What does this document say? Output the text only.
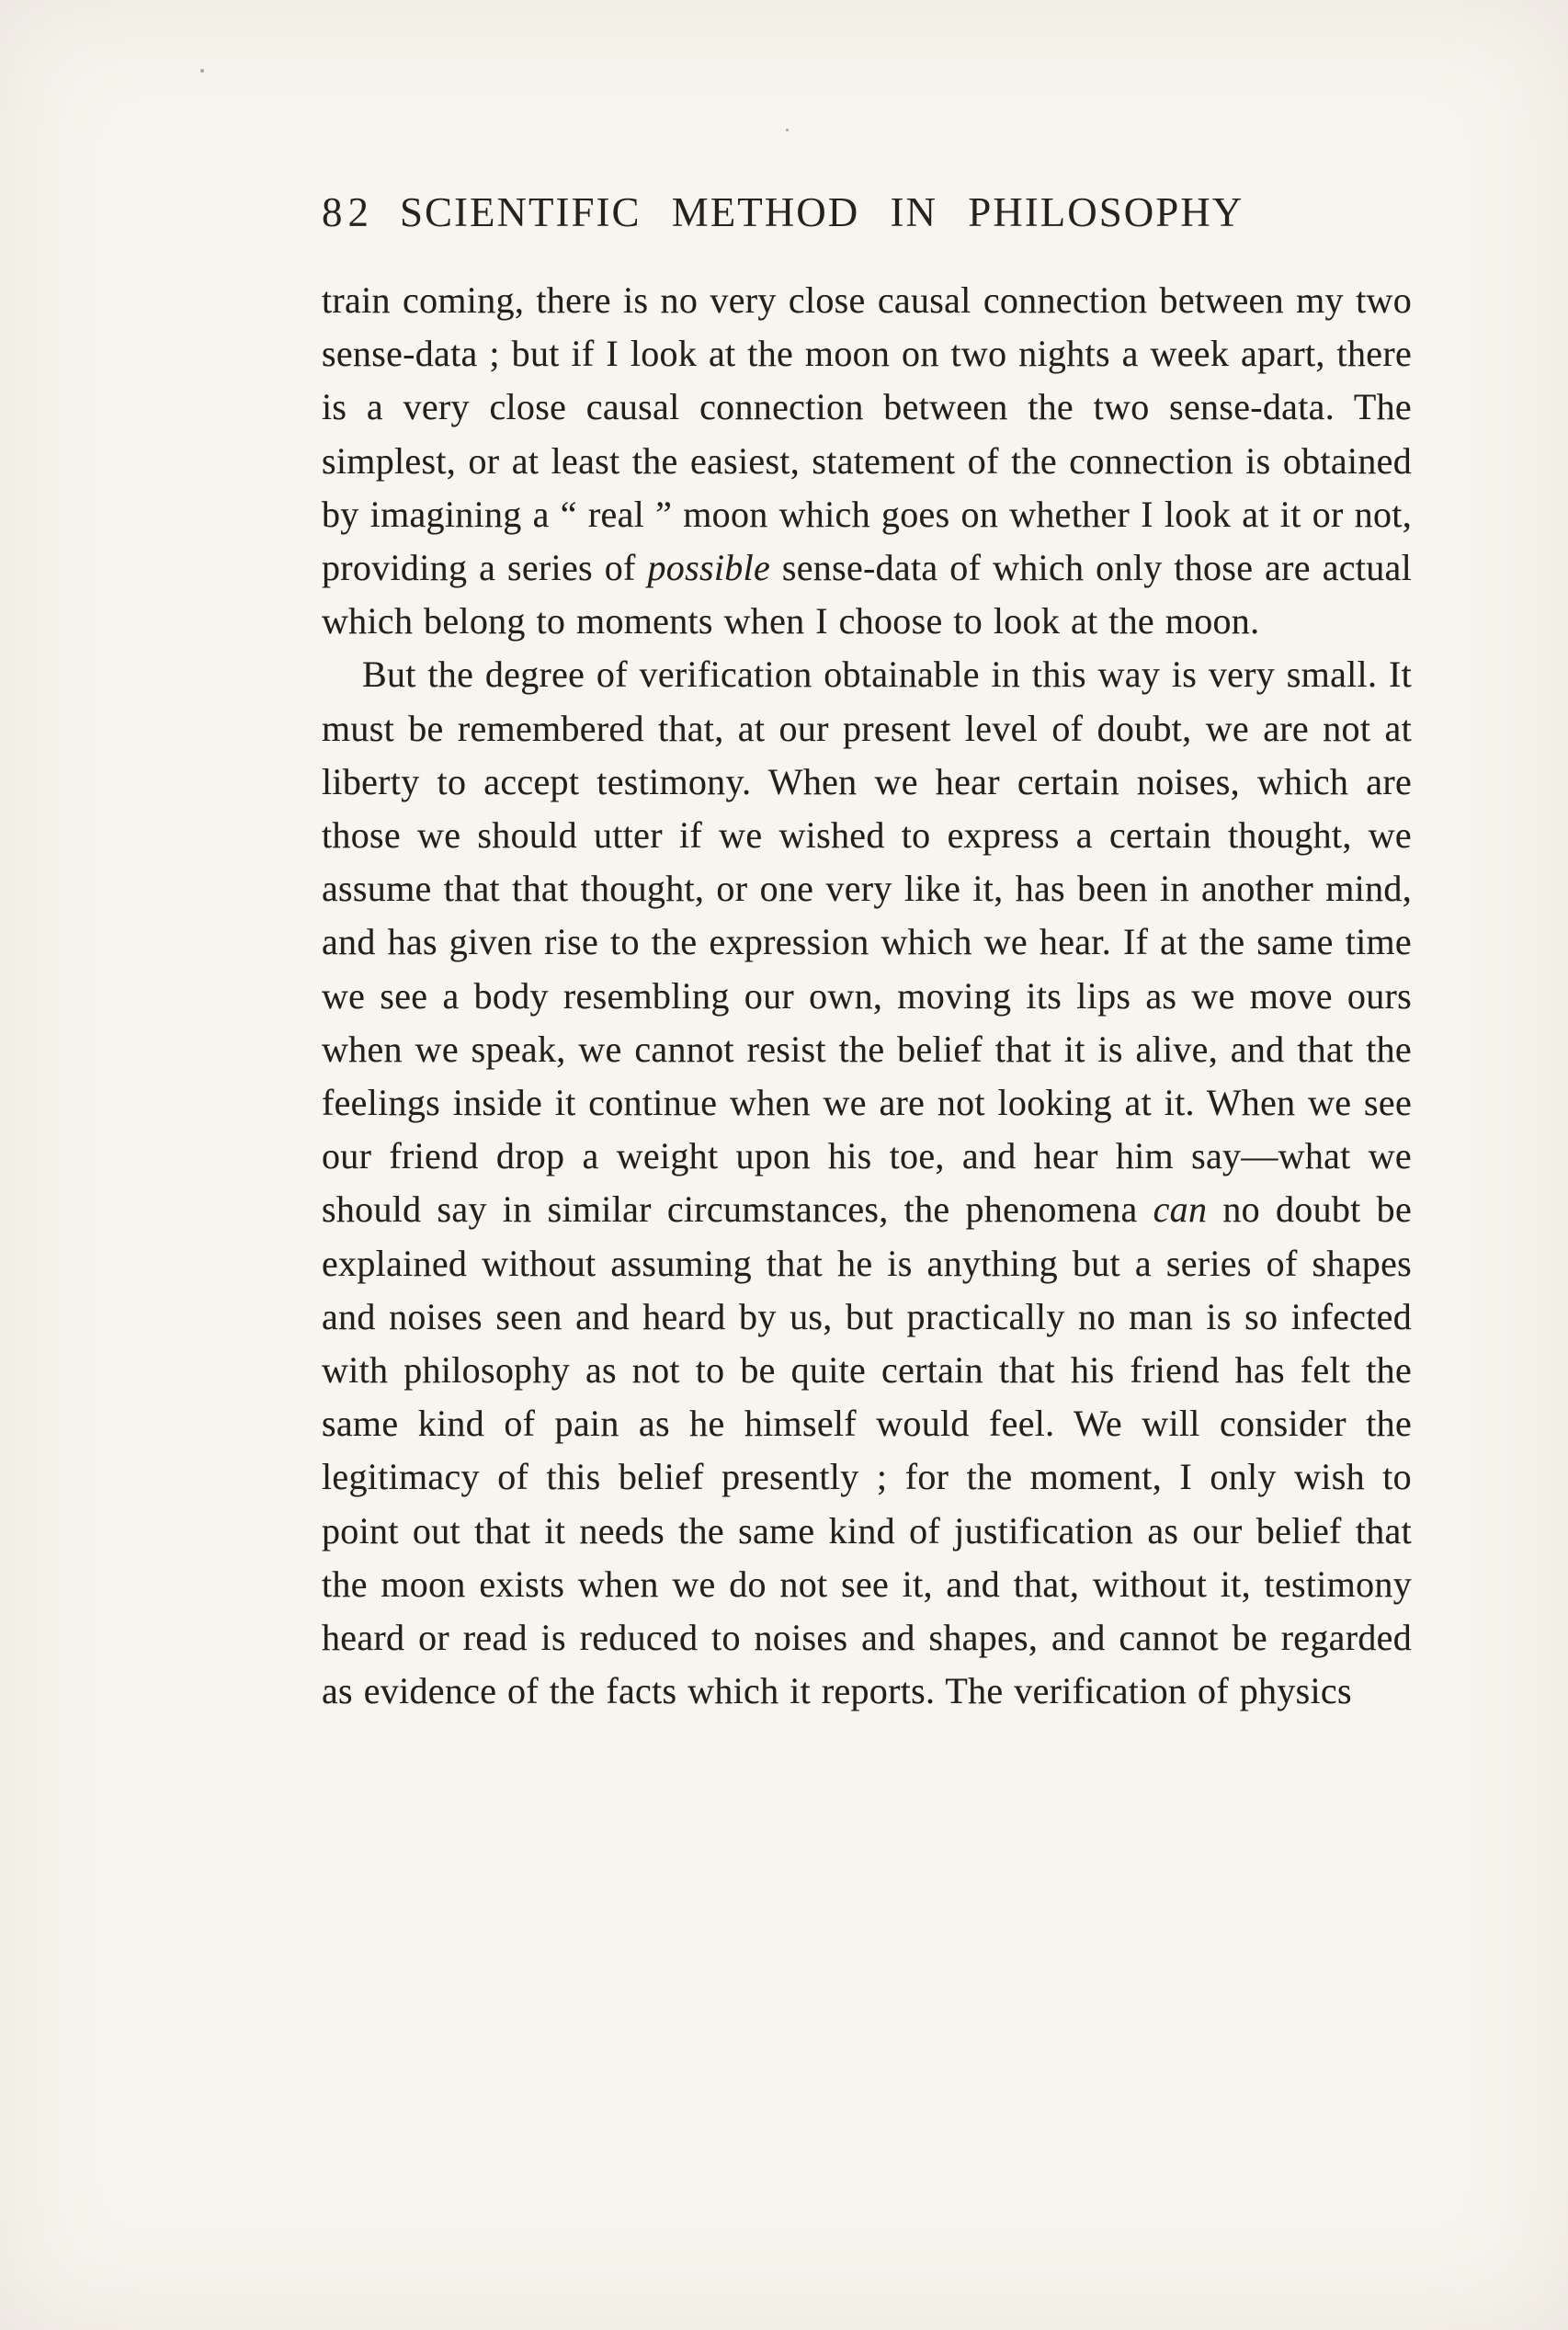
82 SCIENTIFIC METHOD IN PHILOSOPHY

train coming, there is no very close causal connection between my two sense-data ; but if I look at the moon on two nights a week apart, there is a very close causal connection between the two sense-data. The simplest, or at least the easiest, statement of the connection is obtained by imagining a “ real ” moon which goes on whether I look at it or not, providing a series of possible sense-data of which only those are actual which belong to moments when I choose to look at the moon.

But the degree of verification obtainable in this way is very small. It must be remembered that, at our present level of doubt, we are not at liberty to accept testimony. When we hear certain noises, which are those we should utter if we wished to express a certain thought, we assume that that thought, or one very like it, has been in another mind, and has given rise to the expression which we hear. If at the same time we see a body resembling our own, moving its lips as we move ours when we speak, we cannot resist the belief that it is alive, and that the feelings inside it continue when we are not looking at it. When we see our friend drop a weight upon his toe, and hear him say—what we should say in similar circumstances, the phenomena can no doubt be explained without assuming that he is anything but a series of shapes and noises seen and heard by us, but practically no man is so infected with philosophy as not to be quite certain that his friend has felt the same kind of pain as he himself would feel. We will consider the legitimacy of this belief presently ; for the moment, I only wish to point out that it needs the same kind of justification as our belief that the moon exists when we do not see it, and that, without it, testimony heard or read is reduced to noises and shapes, and cannot be regarded as evidence of the facts which it reports. The verification of physics
